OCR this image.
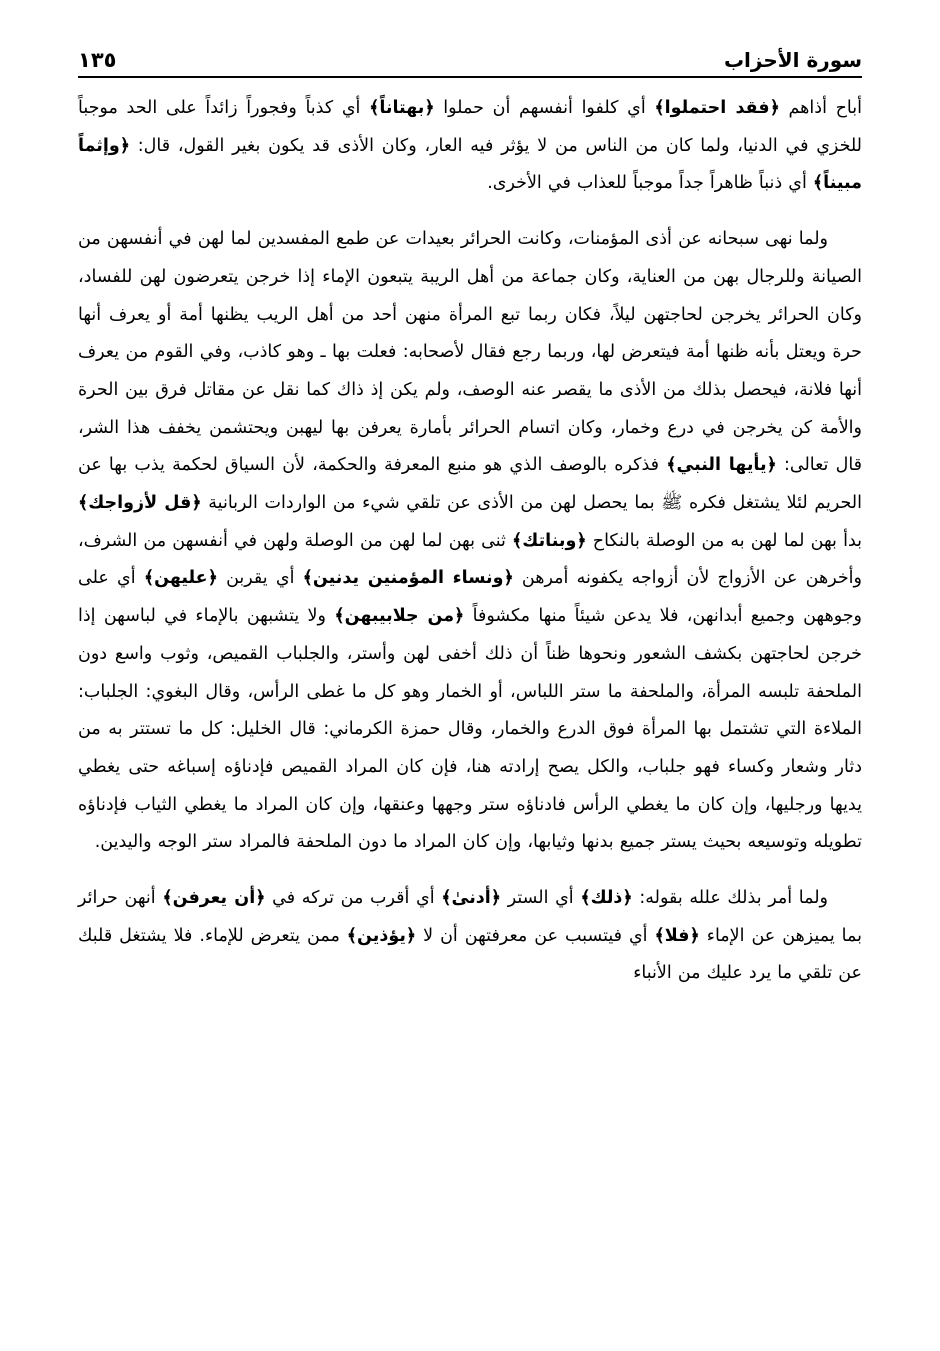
سورة الأحزاب
١٣٥

أباح أذاهم ﴿فقد احتملوا﴾ أي كلفوا أنفسهم أن حملوا ﴿بهتاناً﴾ أي كذباً وفجوراً زائداً على الحد موجباً للخزي في الدنيا، ولما كان من الناس من لا يؤثر فيه العار، وكان الأذى قد يكون بغير القول، قال: ﴿وإثماً مبيناً﴾ أي ذنباً ظاهراً جداً موجباً للعذاب في الأخرى.

ولما نهى سبحانه عن أذى المؤمنات، وكانت الحرائر بعيدات عن طمع المفسدين لما لهن في أنفسهن من الصيانة وللرجال بهن من العناية، وكان جماعة من أهل الريبة يتبعون الإماء إذا خرجن يتعرضون لهن للفساد، وكان الحرائر يخرجن لحاجتهن ليلاً، فكان ربما تبع المرأة منهن أحد من أهل الريب يظنها أمة أو يعرف أنها حرة ويعتل بأنه ظنها أمة فيتعرض لها، وربما رجع فقال لأصحابه: فعلت بها ـ وهو كاذب، وفي القوم من يعرف أنها فلانة، فيحصل بذلك من الأذى ما يقصر عنه الوصف، ولم يكن إذ ذاك كما نقل عن مقاتل فرق بين الحرة والأمة كن يخرجن في درع وخمار، وكان اتسام الحرائر بأمارة يعرفن بها ليهبن ويحتشمن يخفف هذا الشر، قال تعالى: ﴿يأيها النبي﴾ فذكره بالوصف الذي هو منبع المعرفة والحكمة، لأن السياق لحكمة يذب بها عن الحريم لئلا يشتغل فكره ﷺ بما يحصل لهن من الأذى عن تلقي شيء من الواردات الربانية ﴿قل لأزواجك﴾ بدأ بهن لما لهن به من الوصلة بالنكاح ﴿وبناتك﴾ ثنى بهن لما لهن من الوصلة ولهن في أنفسهن من الشرف، وأخرهن عن الأزواج لأن أزواجه يكفونه أمرهن ﴿ونساء المؤمنين يدنين﴾ أي يقربن ﴿عليهن﴾ أي على وجوههن وجميع أبدانهن، فلا يدعن شيئاً منها مكشوفاً ﴿من جلابيبهن﴾ ولا يتشبهن بالإماء في لباسهن إذا خرجن لحاجتهن بكشف الشعور ونحوها ظناً أن ذلك أخفى لهن وأستر، والجلباب القميص، وثوب واسع دون الملحفة تلبسه المرأة، والملحفة ما ستر اللباس، أو الخمار وهو كل ما غطى الرأس، وقال البغوي: الجلباب: الملاءة التي تشتمل بها المرأة فوق الدرع والخمار، وقال حمزة الكرماني: قال الخليل: كل ما تستتر به من دثار وشعار وكساء فهو جلباب، والكل يصح إرادته هنا، فإن كان المراد القميص فإدناؤه إسباغه حتى يغطي يديها ورجليها، وإن كان ما يغطي الرأس فادناؤه ستر وجهها وعنقها، وإن كان المراد ما يغطي الثياب فإدناؤه تطويله وتوسيعه بحيث يستر جميع بدنها وثيابها، وإن كان المراد ما دون الملحفة فالمراد ستر الوجه واليدين.

ولما أمر بذلك علله بقوله: ﴿ذلك﴾ أي الستر ﴿أدنىٰ﴾ أي أقرب من تركه في ﴿أن يعرفن﴾ أنهن حرائر بما يميزهن عن الإماء ﴿فلا﴾ أي فيتسبب عن معرفتهن أن لا ﴿يؤذين﴾ ممن يتعرض للإماء. فلا يشتغل قلبك عن تلقي ما يرد عليك من الأنباء
